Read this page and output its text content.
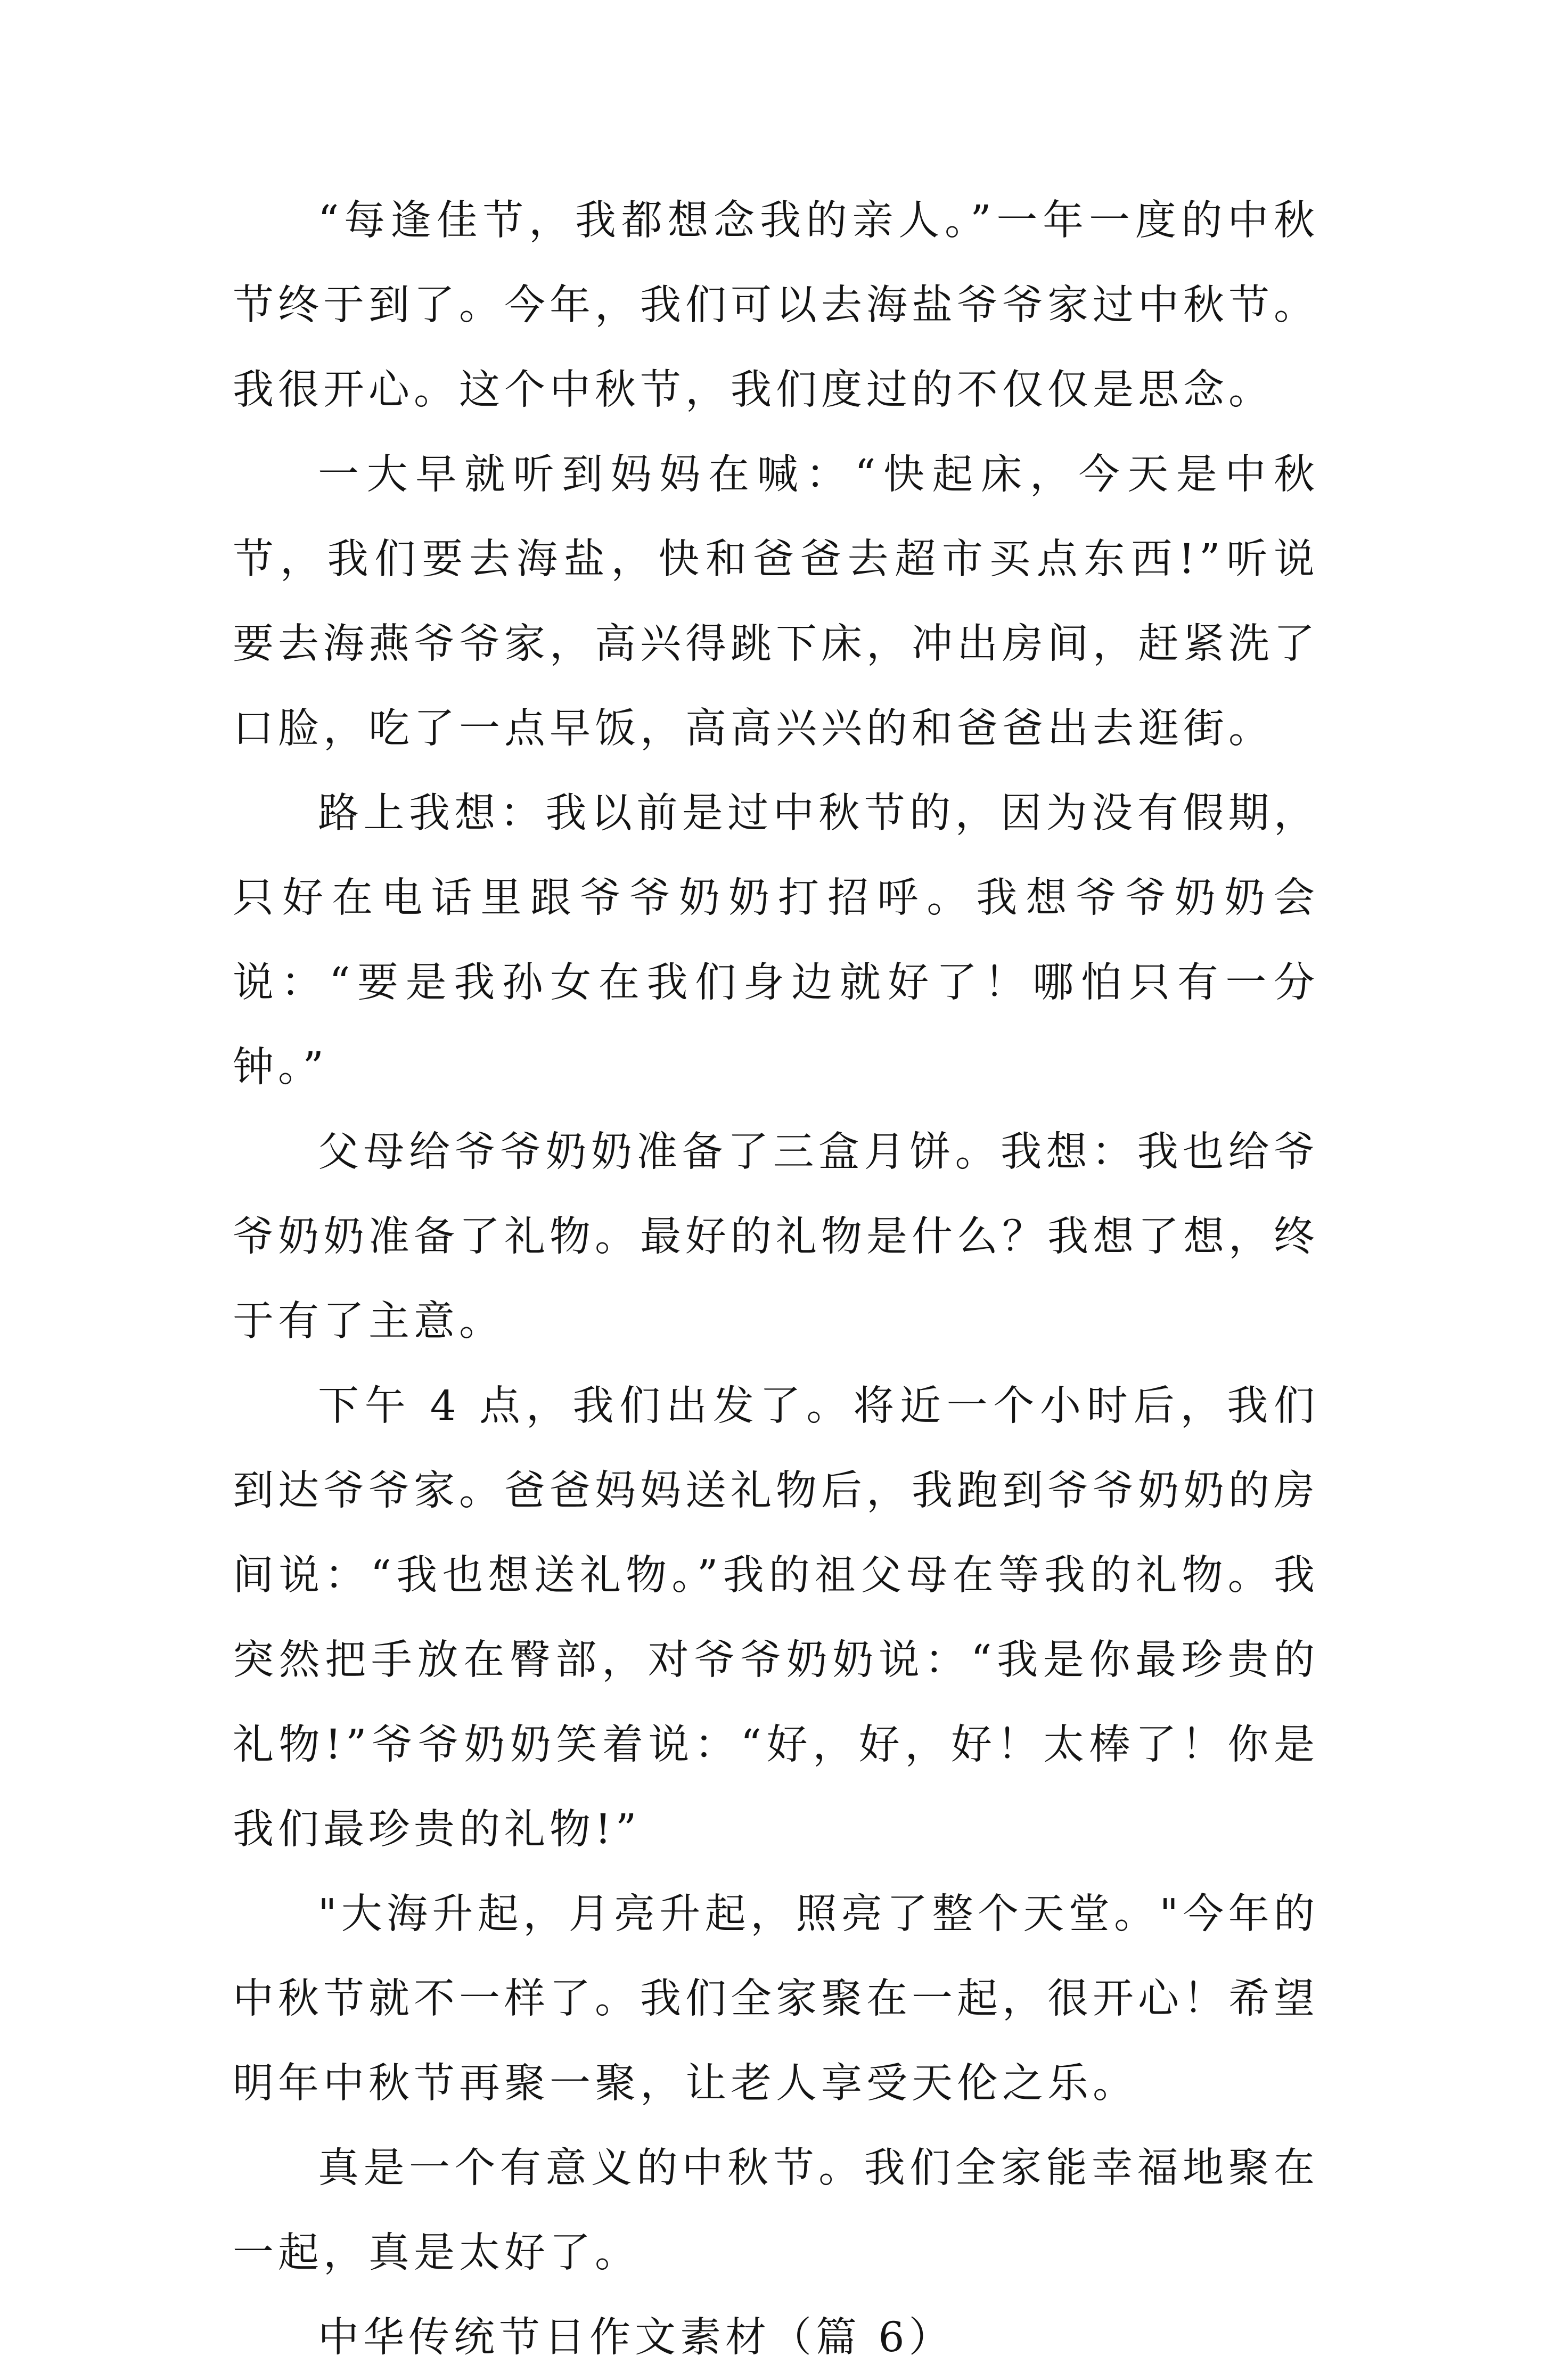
“每逢佳节，我都想念我的亲人。”一年一度的中秋节终于到了。今年，我们可以去海盐爷爷家过中秋节。我很开心。这个中秋节，我们度过的不仅仅是思念。

一大早就听到妈妈在喊：“快起床，今天是中秋节，我们要去海盐，快和爸爸去超市买点东西!”听说要去海燕爷爷家，高兴得跳下床，冲出房间，赶紧洗了口脸，吃了一点早饭，高高兴兴的和爸爸出去逛街。

路上我想：我以前是过中秋节的，因为没有假期，只好在电话里跟爷爷奶奶打招呼。我想爷爷奶奶会说：“要是我孙女在我们身边就好了！哪怕只有一分钟。”

父母给爷爷奶奶准备了三盒月饼。我想：我也给爷爷奶奶准备了礼物。最好的礼物是什么？我想了想，终于有了主意。

下午 4 点，我们出发了。将近一个小时后，我们到达爷爷家。爸爸妈妈送礼物后，我跑到爷爷奶奶的房间说：“我也想送礼物。”我的祖父母在等我的礼物。我突然把手放在臀部，对爷爷奶奶说：“我是你最珍贵的礼物!”爷爷奶奶笑着说：“好，好，好！太棒了！你是我们最珍贵的礼物!”

"大海升起，月亮升起，照亮了整个天堂。"今年的中秋节就不一样了。我们全家聚在一起，很开心！希望明年中秋节再聚一聚，让老人享受天伦之乐。

真是一个有意义的中秋节。我们全家能幸福地聚在一起，真是太好了。

中华传统节日作文素材（篇 6）
